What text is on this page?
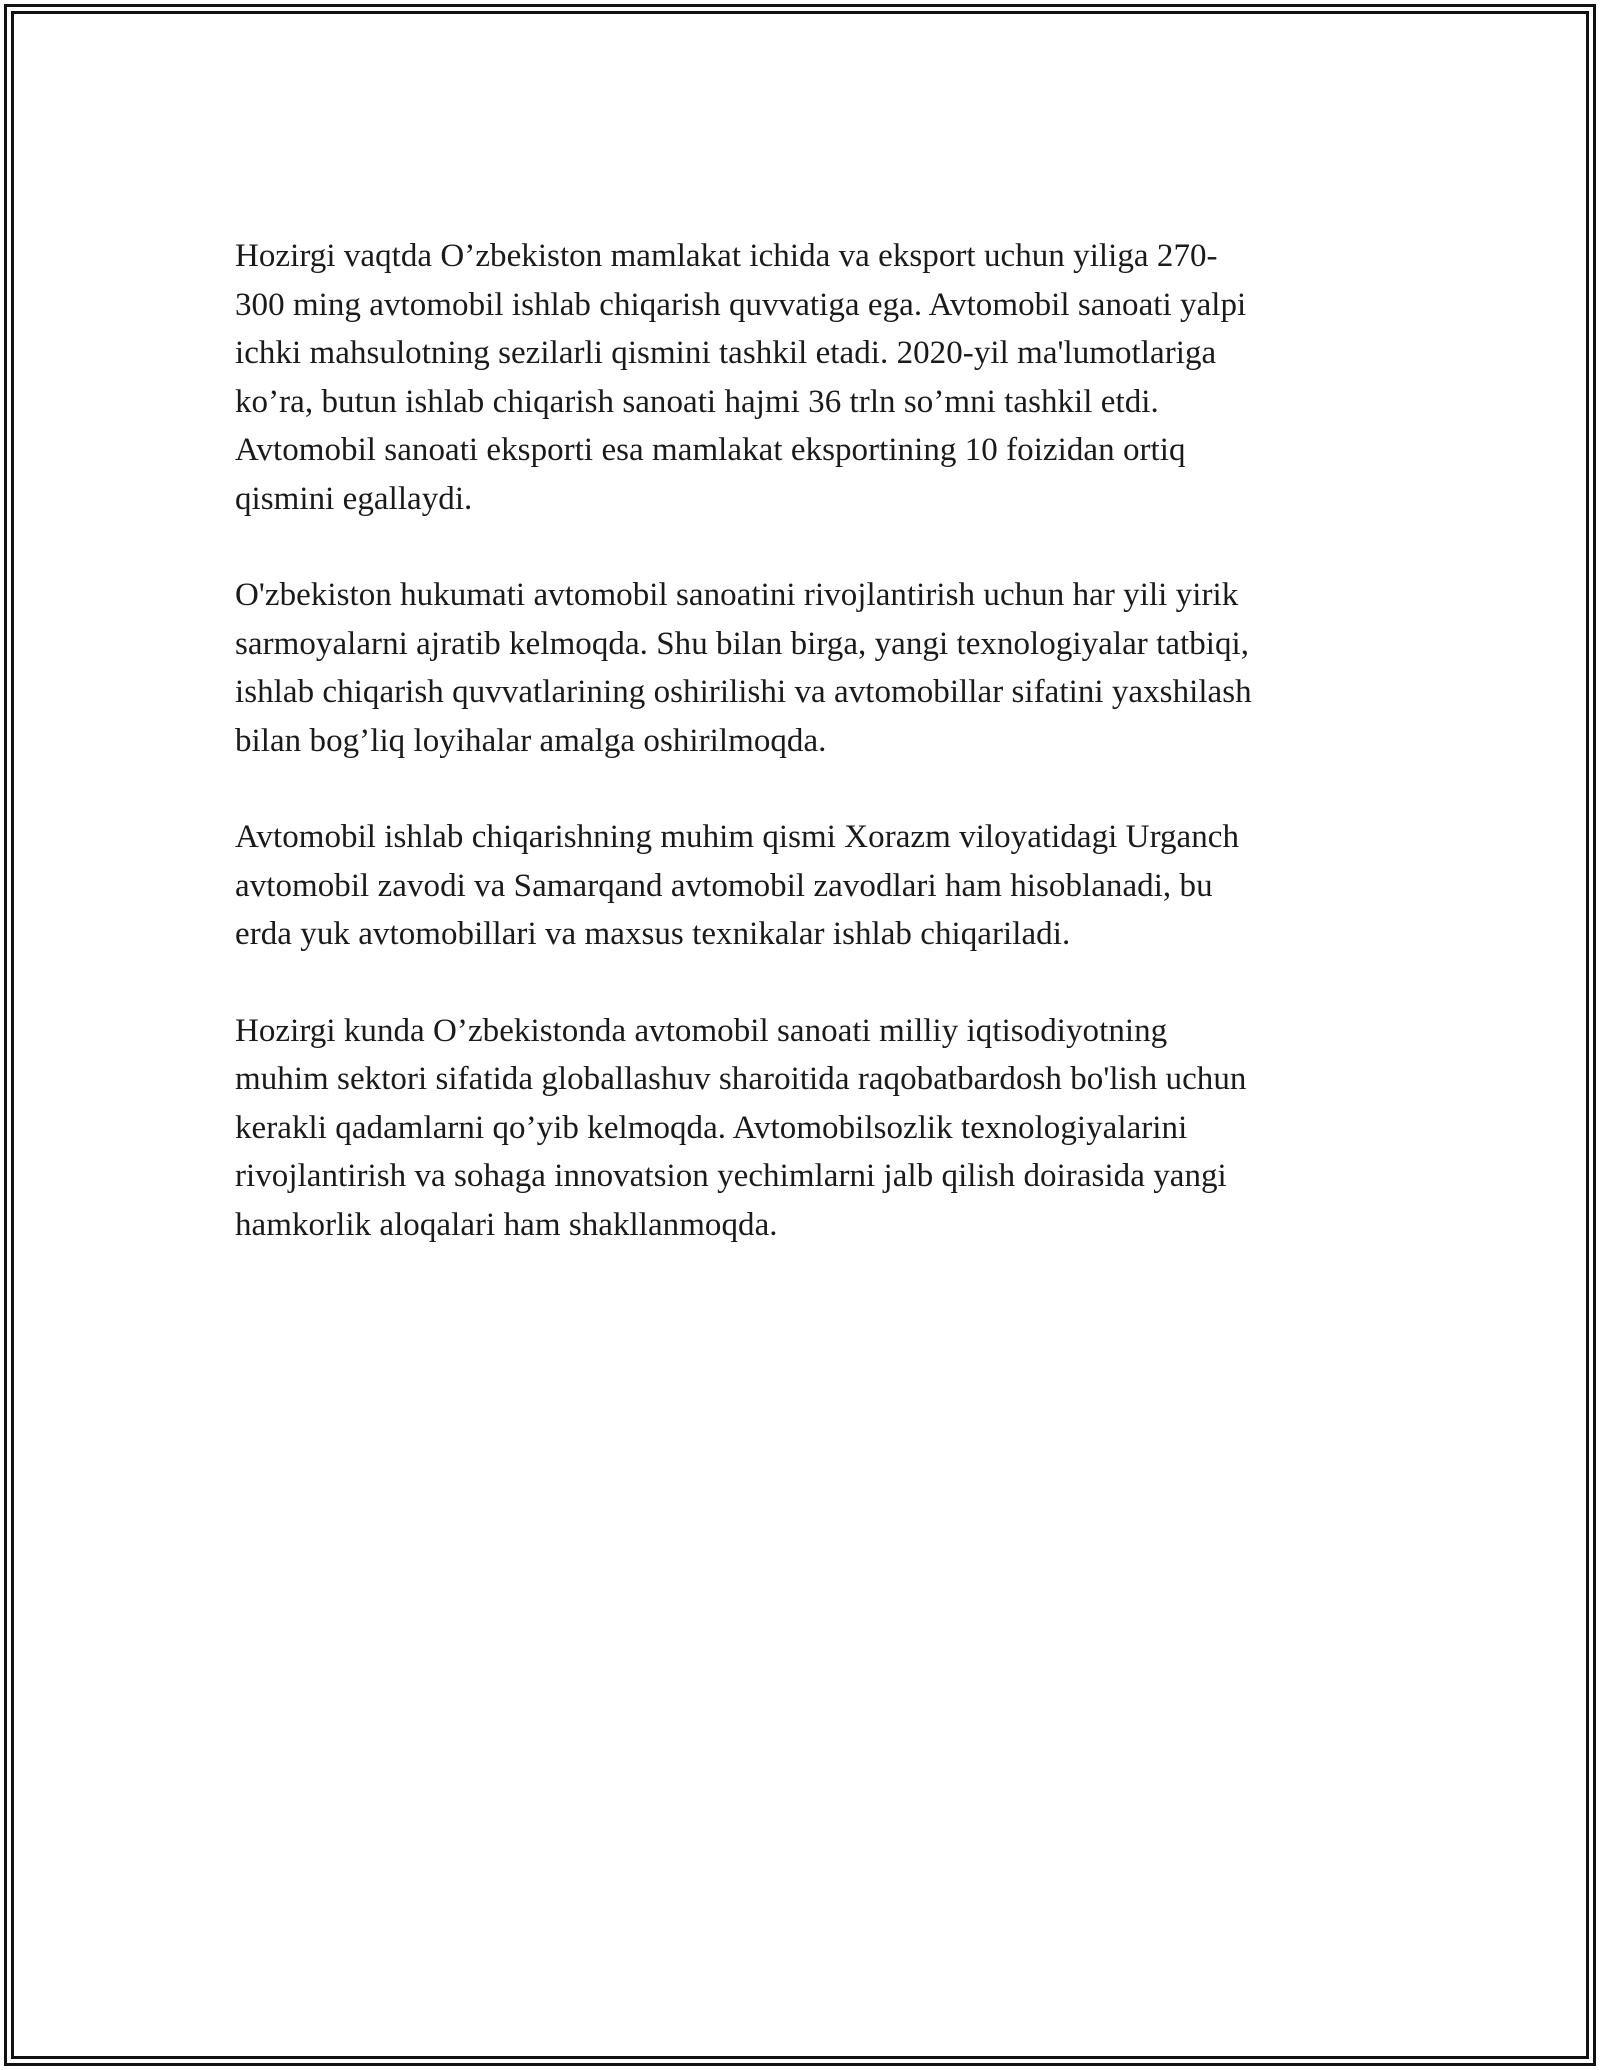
Hozirgi vaqtda O’zbekiston mamlakat ichida va eksport uchun yiliga 270-
300 ming avtomobil ishlab chiqarish quvvatiga ega. Avtomobil sanoati yalpi
ichki mahsulotning sezilarli qismini tashkil etadi. 2020-yil ma'lumotlariga
ko’ra, butun ishlab chiqarish sanoati hajmi 36 trln so’mni tashkil etdi.
Avtomobil sanoati eksporti esa mamlakat eksportining 10 foizidan ortiq
qismini egallaydi.

O'zbekiston hukumati avtomobil sanoatini rivojlantirish uchun har yili yirik
sarmoyalarni ajratib kelmoqda. Shu bilan birga, yangi texnologiyalar tatbiqi,
ishlab chiqarish quvvatlarining oshirilishi va avtomobillar sifatini yaxshilash
bilan bog’liq loyihalar amalga oshirilmoqda.

Avtomobil ishlab chiqarishning muhim qismi Xorazm viloyatidagi Urganch
avtomobil zavodi va Samarqand avtomobil zavodlari ham hisoblanadi, bu
erda yuk avtomobillari va maxsus texnikalar ishlab chiqariladi.

Hozirgi kunda O’zbekistonda avtomobil sanoati milliy iqtisodiyotning
muhim sektori sifatida globallashuv sharoitida raqobatbardosh bo'lish uchun
kerakli qadamlarni qo’yib kelmoqda. Avtomobilsozlik texnologiyalarini
rivojlantirish va sohaga innovatsion yechimlarni jalb qilish doirasida yangi
hamkorlik aloqalari ham shakllanmoqda.
